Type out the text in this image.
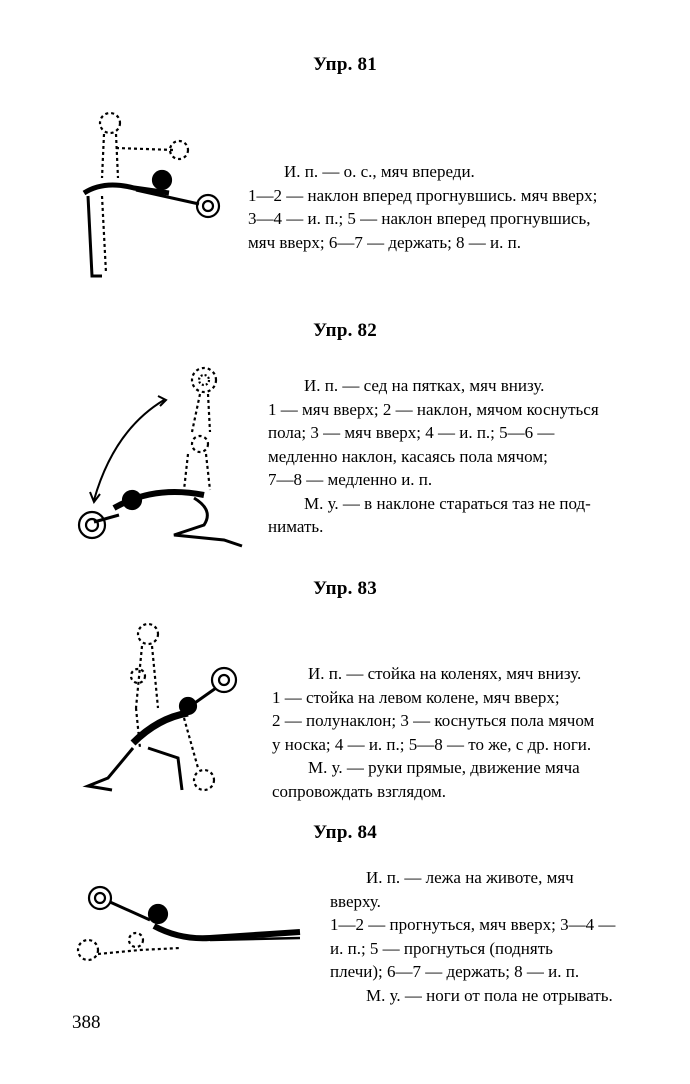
Упр. 81
И. п. — о. с., мяч впереди.
1—2 — наклон вперед прогнувшись. мяч вверх;
3—4 — и. п.; 5 — наклон вперед прогнувшись,
мяч вверх; 6—7 — держать; 8 — и. п.
Упр. 82
И. п. — сед на пятках, мяч внизу.
1 — мяч вверх; 2 — наклон, мячом коснуться
пола; 3 — мяч вверх; 4 — и. п.; 5—6 —
медленно наклон, касаясь пола мячом;
7—8 — медленно и. п.
М. у. — в наклоне стараться таз не под-
нимать.
Упр. 83
И. п. — стойка на коленях, мяч внизу.
1 — стойка на левом колене, мяч вверх;
2 — полунаклон; 3 — коснуться пола мячом
у носка; 4 — и. п.; 5—8 — то же, с др. ноги.
М. у. — руки прямые, движение мяча
сопровождать взглядом.
Упр. 84
И. п. — лежа на животе, мяч
вверху.
1—2 — прогнуться, мяч вверх; 3—4 —
и. п.; 5 — прогнуться (поднять
плечи); 6—7 — держать; 8 — и. п.
М. у. — ноги от пола не отрывать.
388
